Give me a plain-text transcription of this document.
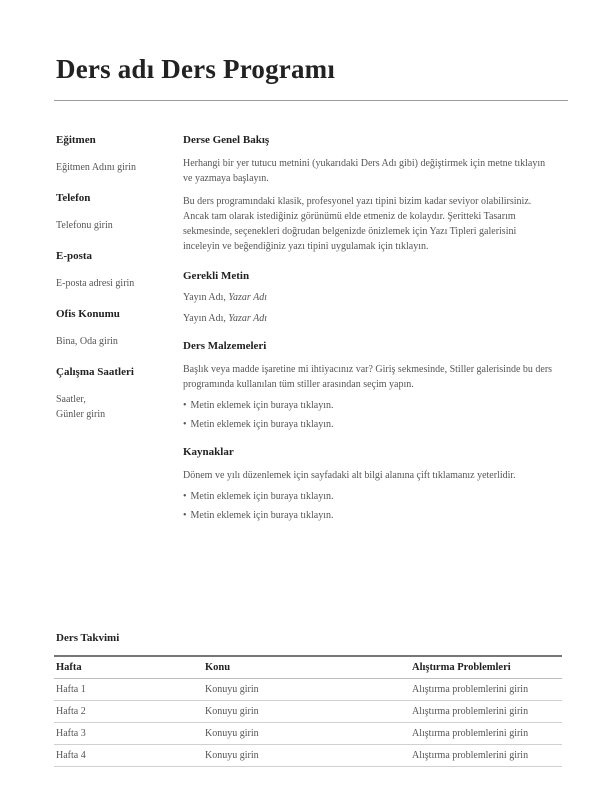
Ders adı Ders Programı

Eğitmen

Eğitmen Adını girin

Telefon

Telefonu girin

E-posta

E-posta adresi girin

Ofis Konumu

Bina, Oda girin

Çalışma Saatleri

Saatler,
Günler girin

Derse Genel Bakış

Herhangi bir yer tutucu metnini (yukarıdaki Ders Adı gibi) değiştirmek için metne tıklayın ve yazmaya başlayın.

Bu ders programındaki klasik, profesyonel yazı tipini bizim kadar seviyor olabilirsiniz. Ancak tam olarak istediğiniz görünümü elde etmeniz de kolaydır. Şeritteki Tasarım sekmesinde, seçenekleri doğrudan belgenizde önizlemek için Yazı Tipleri galerisini inceleyin ve beğendiğiniz yazı tipini uygulamak için tıklayın.

Gerekli Metin

Yayın Adı, Yazar Adı

Yayın Adı, Yazar Adı

Ders Malzemeleri

Başlık veya madde işaretine mi ihtiyacınız var? Giriş sekmesinde, Stiller galerisinde bu ders programında kullanılan tüm stiller arasından seçim yapın.

• Metin eklemek için buraya tıklayın.
• Metin eklemek için buraya tıklayın.

Kaynaklar

Dönem ve yılı düzenlemek için sayfadaki alt bilgi alanına çift tıklamanız yeterlidir.

• Metin eklemek için buraya tıklayın.
• Metin eklemek için buraya tıklayın.

Ders Takvimi

Hafta	Konu	Alıştırma Problemleri
Hafta 1	Konuyu girin	Alıştırma problemlerini girin
Hafta 2	Konuyu girin	Alıştırma problemlerini girin
Hafta 3	Konuyu girin	Alıştırma problemlerini girin
Hafta 4	Konuyu girin	Alıştırma problemlerini girin
